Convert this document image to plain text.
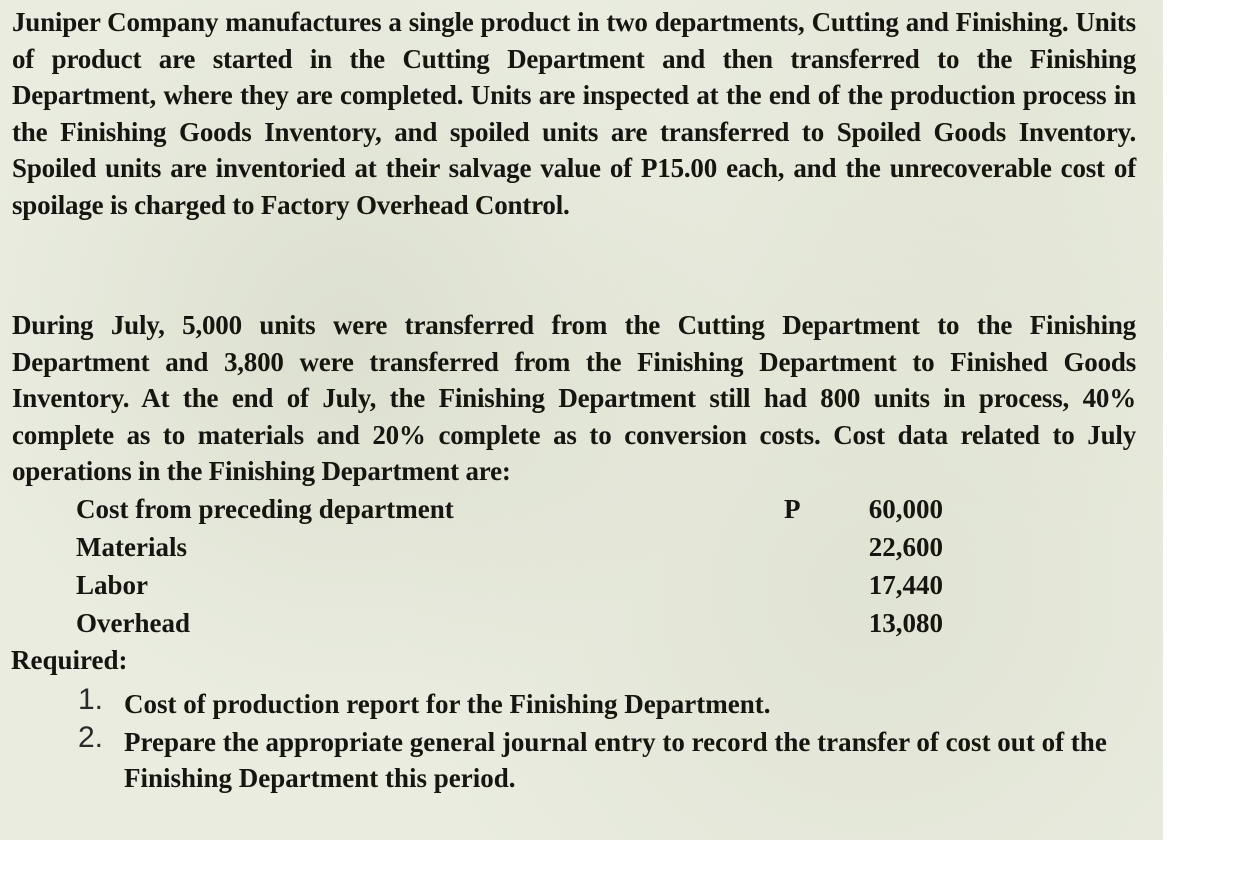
Juniper Company manufactures a single product in two departments, Cutting and Finishing. Units of product are started in the Cutting Department and then transferred to the Finishing Department, where they are completed. Units are inspected at the end of the production process in the Finishing Goods Inventory, and spoiled units are transferred to Spoiled Goods Inventory. Spoiled units are inventoried at their salvage value of P15.00 each, and the unrecoverable cost of spoilage is charged to Factory Overhead Control.

During July, 5,000 units were transferred from the Cutting Department to the Finishing Department and 3,800 were transferred from the Finishing Department to Finished Goods Inventory. At the end of July, the Finishing Department still had 800 units in process, 40% complete as to materials and 20% complete as to conversion costs. Cost data related to July operations in the Finishing Department are:

Cost from preceding department	P	60,000
Materials	22,600
Labor	17,440
Overhead	13,080

Required:

1. Cost of production report for the Finishing Department.
2. Prepare the appropriate general journal entry to record the transfer of cost out of the Finishing Department this period.
